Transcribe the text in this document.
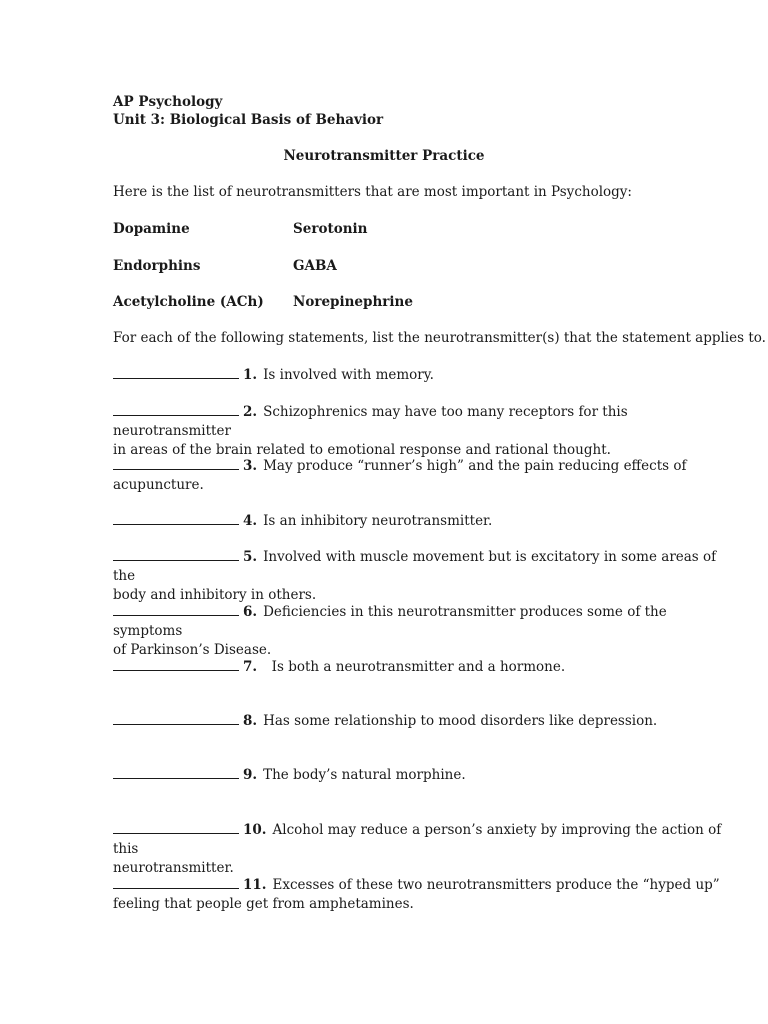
AP Psychology
Unit 3: Biological Basis of Behavior
Neurotransmitter Practice
Here is the list of neurotransmitters that are most important in Psychology:
Dopamine	Serotonin
Endorphins	GABA
Acetylcholine (ACh) Norepinephrine
For each of the following statements, list the neurotransmitter(s) that the statement applies to.
1. Is involved with memory.
2. Schizophrenics may have too many receptors for this neurotransmitter
in areas of the brain related to emotional response and rational thought.
3. May produce “runner’s high” and the pain reducing effects of
acupuncture.
4. Is an inhibitory neurotransmitter.
5. Involved with muscle movement but is excitatory in some areas of the
body and inhibitory in others.
6. Deficiencies in this neurotransmitter produces some of the symptoms
of Parkinson’s Disease.
7.  Is both a neurotransmitter and a hormone.
8. Has some relationship to mood disorders like depression.
9. The body’s natural morphine.
10. Alcohol may reduce a person’s anxiety by improving the action of this
neurotransmitter.
11. Excesses of these two neurotransmitters produce the “hyped up”
feeling that people get from amphetamines.
